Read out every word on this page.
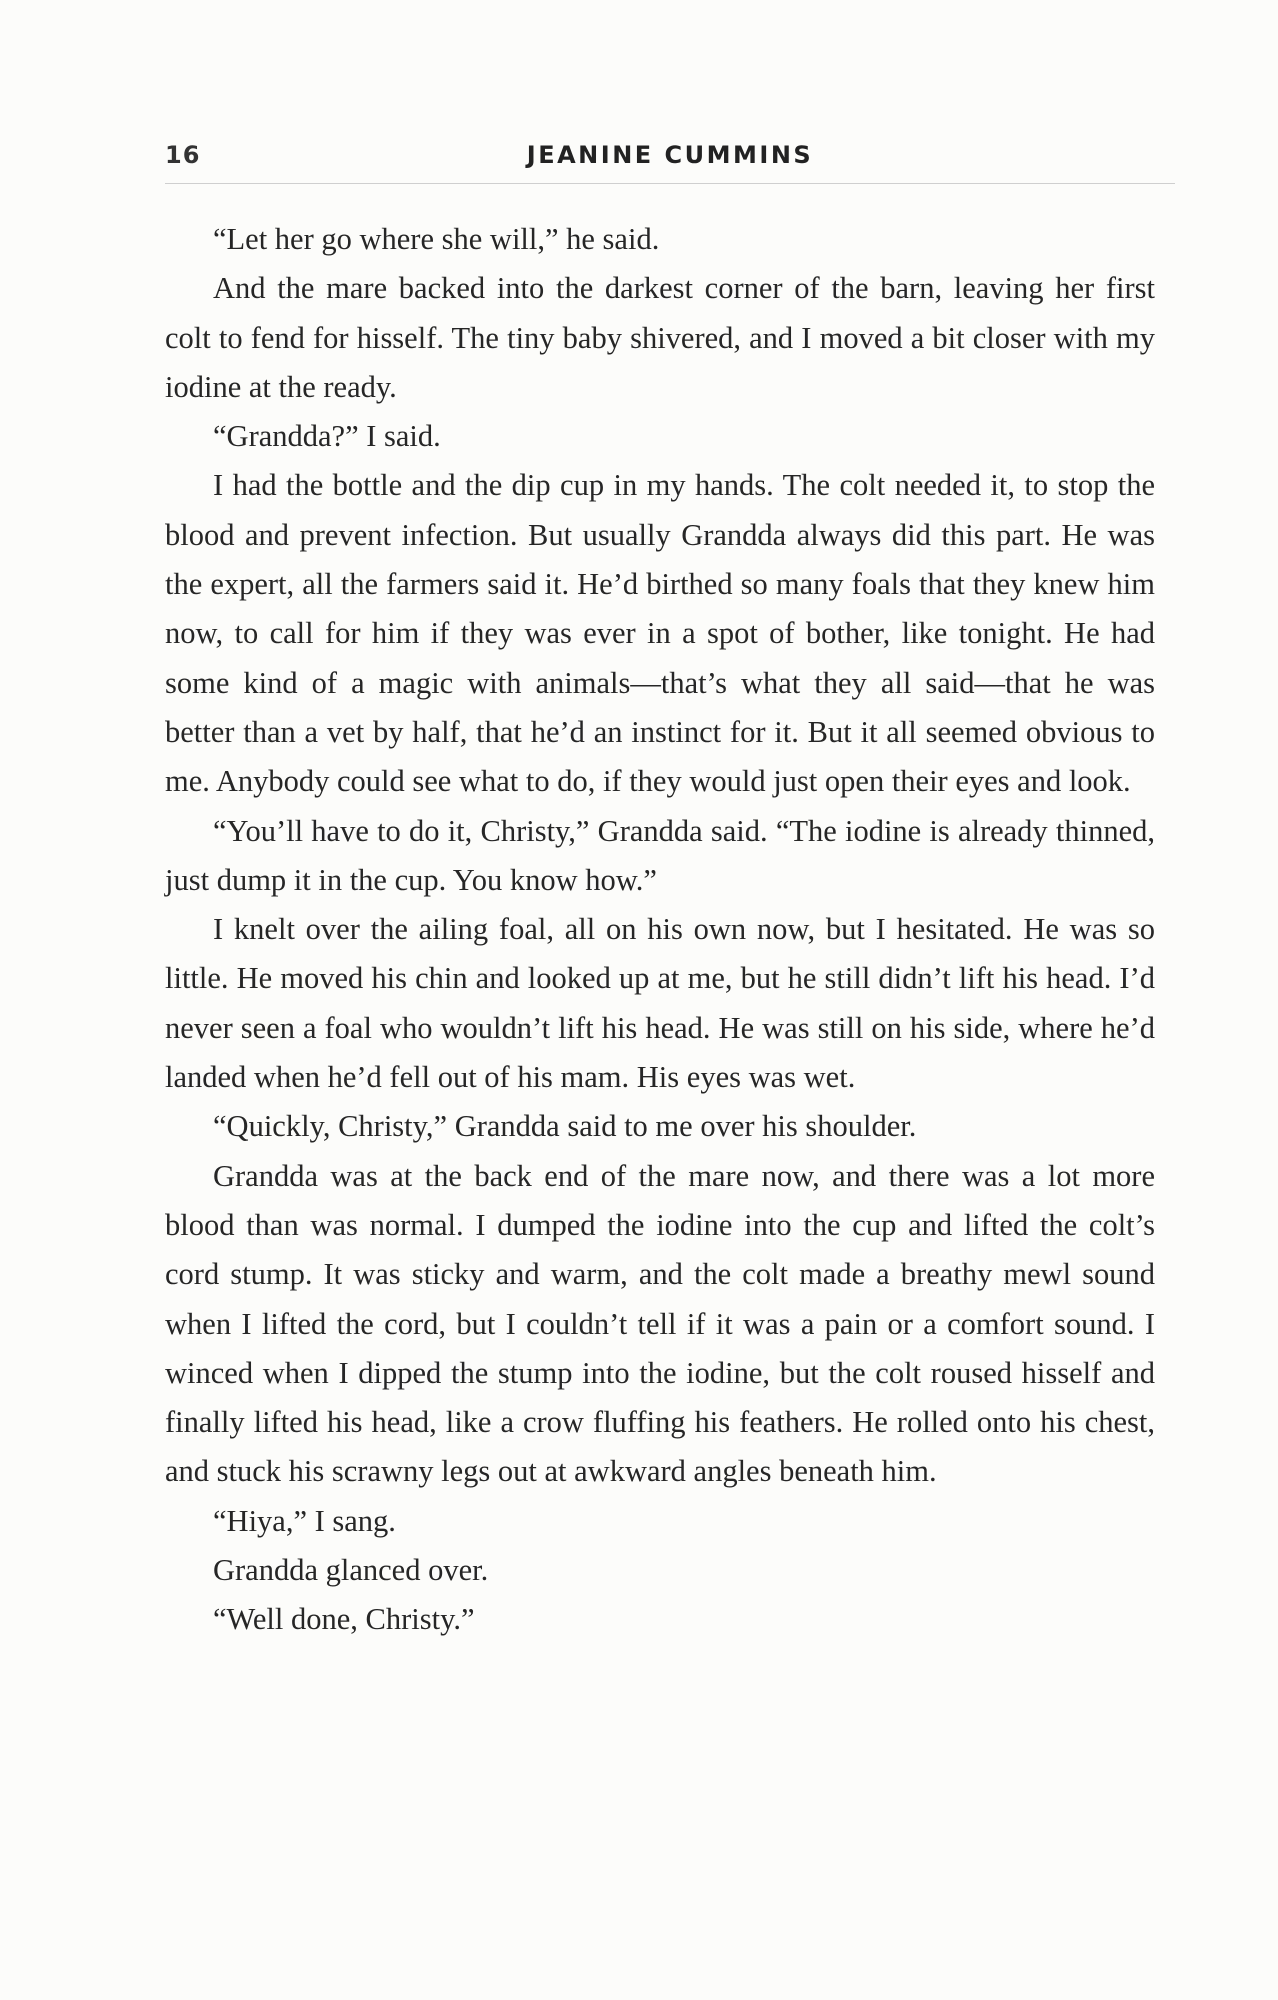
16	JEANINE CUMMINS

“Let her go where she will,” he said.

And the mare backed into the darkest corner of the barn, leaving her first colt to fend for hisself. The tiny baby shivered, and I moved a bit closer with my iodine at the ready.

“Grandda?” I said.

I had the bottle and the dip cup in my hands. The colt needed it, to stop the blood and prevent infection. But usually Grandda always did this part. He was the expert, all the farmers said it. He’d birthed so many foals that they knew him now, to call for him if they was ever in a spot of bother, like tonight. He had some kind of a magic with animals—that’s what they all said—that he was better than a vet by half, that he’d an instinct for it. But it all seemed obvious to me. Anybody could see what to do, if they would just open their eyes and look.

“You’ll have to do it, Christy,” Grandda said. “The iodine is already thinned, just dump it in the cup. You know how.”

I knelt over the ailing foal, all on his own now, but I hesitated. He was so little. He moved his chin and looked up at me, but he still didn’t lift his head. I’d never seen a foal who wouldn’t lift his head. He was still on his side, where he’d landed when he’d fell out of his mam. His eyes was wet.

“Quickly, Christy,” Grandda said to me over his shoulder.

Grandda was at the back end of the mare now, and there was a lot more blood than was normal. I dumped the iodine into the cup and lifted the colt’s cord stump. It was sticky and warm, and the colt made a breathy mewl sound when I lifted the cord, but I couldn’t tell if it was a pain or a comfort sound. I winced when I dipped the stump into the iodine, but the colt roused hisself and finally lifted his head, like a crow fluffing his feathers. He rolled onto his chest, and stuck his scrawny legs out at awkward angles beneath him.

“Hiya,” I sang.

Grandda glanced over.

“Well done, Christy.”
